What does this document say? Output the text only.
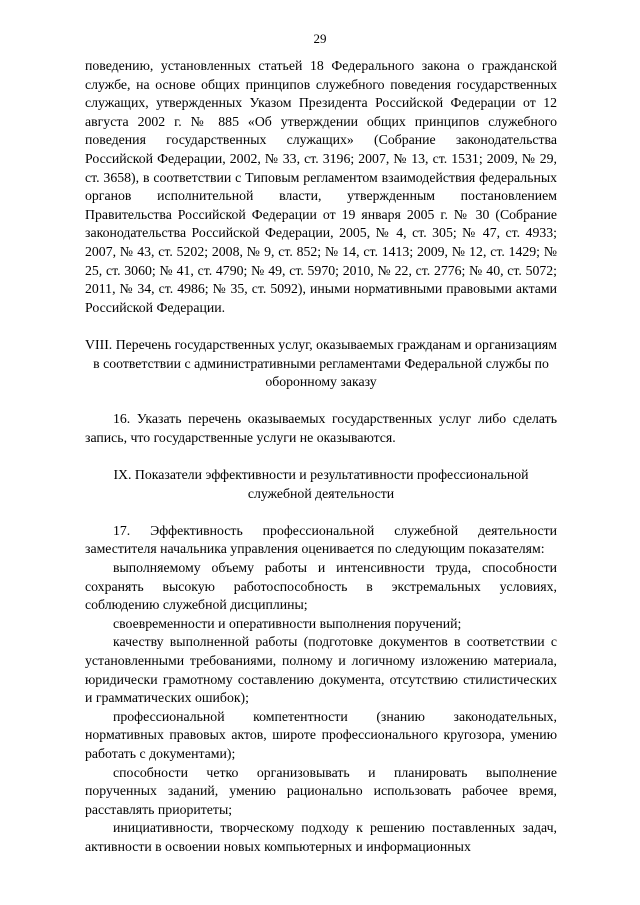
29

поведению, установленных статьей 18 Федерального закона о гражданской службе, на основе общих принципов служебного поведения государственных служащих, утвержденных Указом Президента Российской Федерации от 12 августа 2002 г. № 885 «Об утверждении общих принципов служебного поведения государственных служащих» (Собрание законодательства Российской Федерации, 2002, № 33, ст. 3196; 2007, № 13, ст. 1531; 2009, № 29, ст. 3658), в соответствии с Типовым регламентом взаимодействия федеральных органов исполнительной власти, утвержденным постановлением Правительства Российской Федерации от 19 января 2005 г. № 30 (Собрание законодательства Российской Федерации, 2005, № 4, ст. 305; № 47, ст. 4933; 2007, № 43, ст. 5202; 2008, № 9, ст. 852; № 14, ст. 1413; 2009, № 12, ст. 1429; № 25, ст. 3060; № 41, ст. 4790; № 49, ст. 5970; 2010, № 22, ст. 2776; № 40, ст. 5072; 2011, № 34, ст. 4986; № 35, ст. 5092), иными нормативными правовыми актами Российской Федерации.

VIII. Перечень государственных услуг, оказываемых гражданам и организациям в соответствии с административными регламентами Федеральной службы по оборонному заказу

16. Указать перечень оказываемых государственных услуг либо сделать запись, что государственные услуги не оказываются.

IX. Показатели эффективности и результативности профессиональной служебной деятельности

17. Эффективность профессиональной служебной деятельности заместителя начальника управления оценивается по следующим показателям:

выполняемому объему работы и интенсивности труда, способности сохранять высокую работоспособность в экстремальных условиях, соблюдению служебной дисциплины;

своевременности и оперативности выполнения поручений;

качеству выполненной работы (подготовке документов в соответствии с установленными требованиями, полному и логичному изложению материала, юридически грамотному составлению документа, отсутствию стилистических и грамматических ошибок);

профессиональной компетентности (знанию законодательных, нормативных правовых актов, широте профессионального кругозора, умению работать с документами);

способности четко организовывать и планировать выполнение порученных заданий, умению рационально использовать рабочее время, расставлять приоритеты;

инициативности, творческому подходу к решению поставленных задач, активности в освоении новых компьютерных и информационных
